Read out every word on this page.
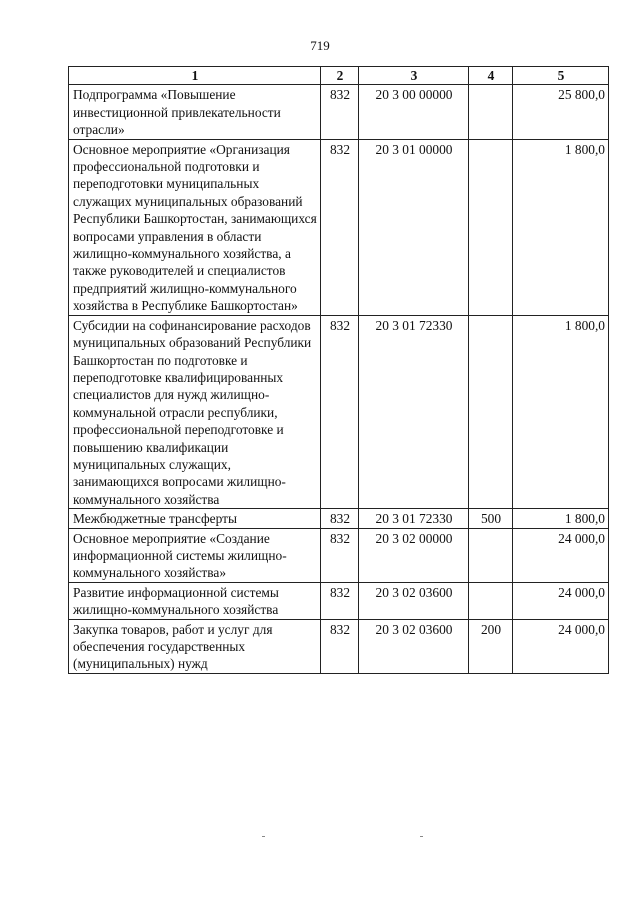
719
1	2	3	4	5
Подпрограмма «Повышение инвестиционной привлекательности отрасли»	832	20 3 00 00000		25 800,0
Основное мероприятие «Организация профессиональной подготовки и переподготовки муниципальных служащих муниципальных образований Республики Башкортостан, занимающихся вопросами управления в области жилищно-коммунального хозяйства, а также руководителей и специалистов предприятий жилищно-коммунального хозяйства в Республике Башкортостан»	832	20 3 01 00000		1 800,0
Субсидии на софинансирование расходов муниципальных образований Республики Башкортостан по подготовке и переподготовке квалифицированных специалистов для нужд жилищно-коммунальной отрасли республики, профессиональной переподготовке и повышению квалификации муниципальных служащих, занимающихся вопросами жилищно-коммунального хозяйства	832	20 3 01 72330		1 800,0
Межбюджетные трансферты	832	20 3 01 72330	500	1 800,0
Основное мероприятие «Создание информационной системы жилищно-коммунального хозяйства»	832	20 3 02 00000		24 000,0
Развитие информационной системы жилищно-коммунального хозяйства	832	20 3 02 03600		24 000,0
Закупка товаров, работ и услуг для обеспечения государственных (муниципальных) нужд	832	20 3 02 03600	200	24 000,0
